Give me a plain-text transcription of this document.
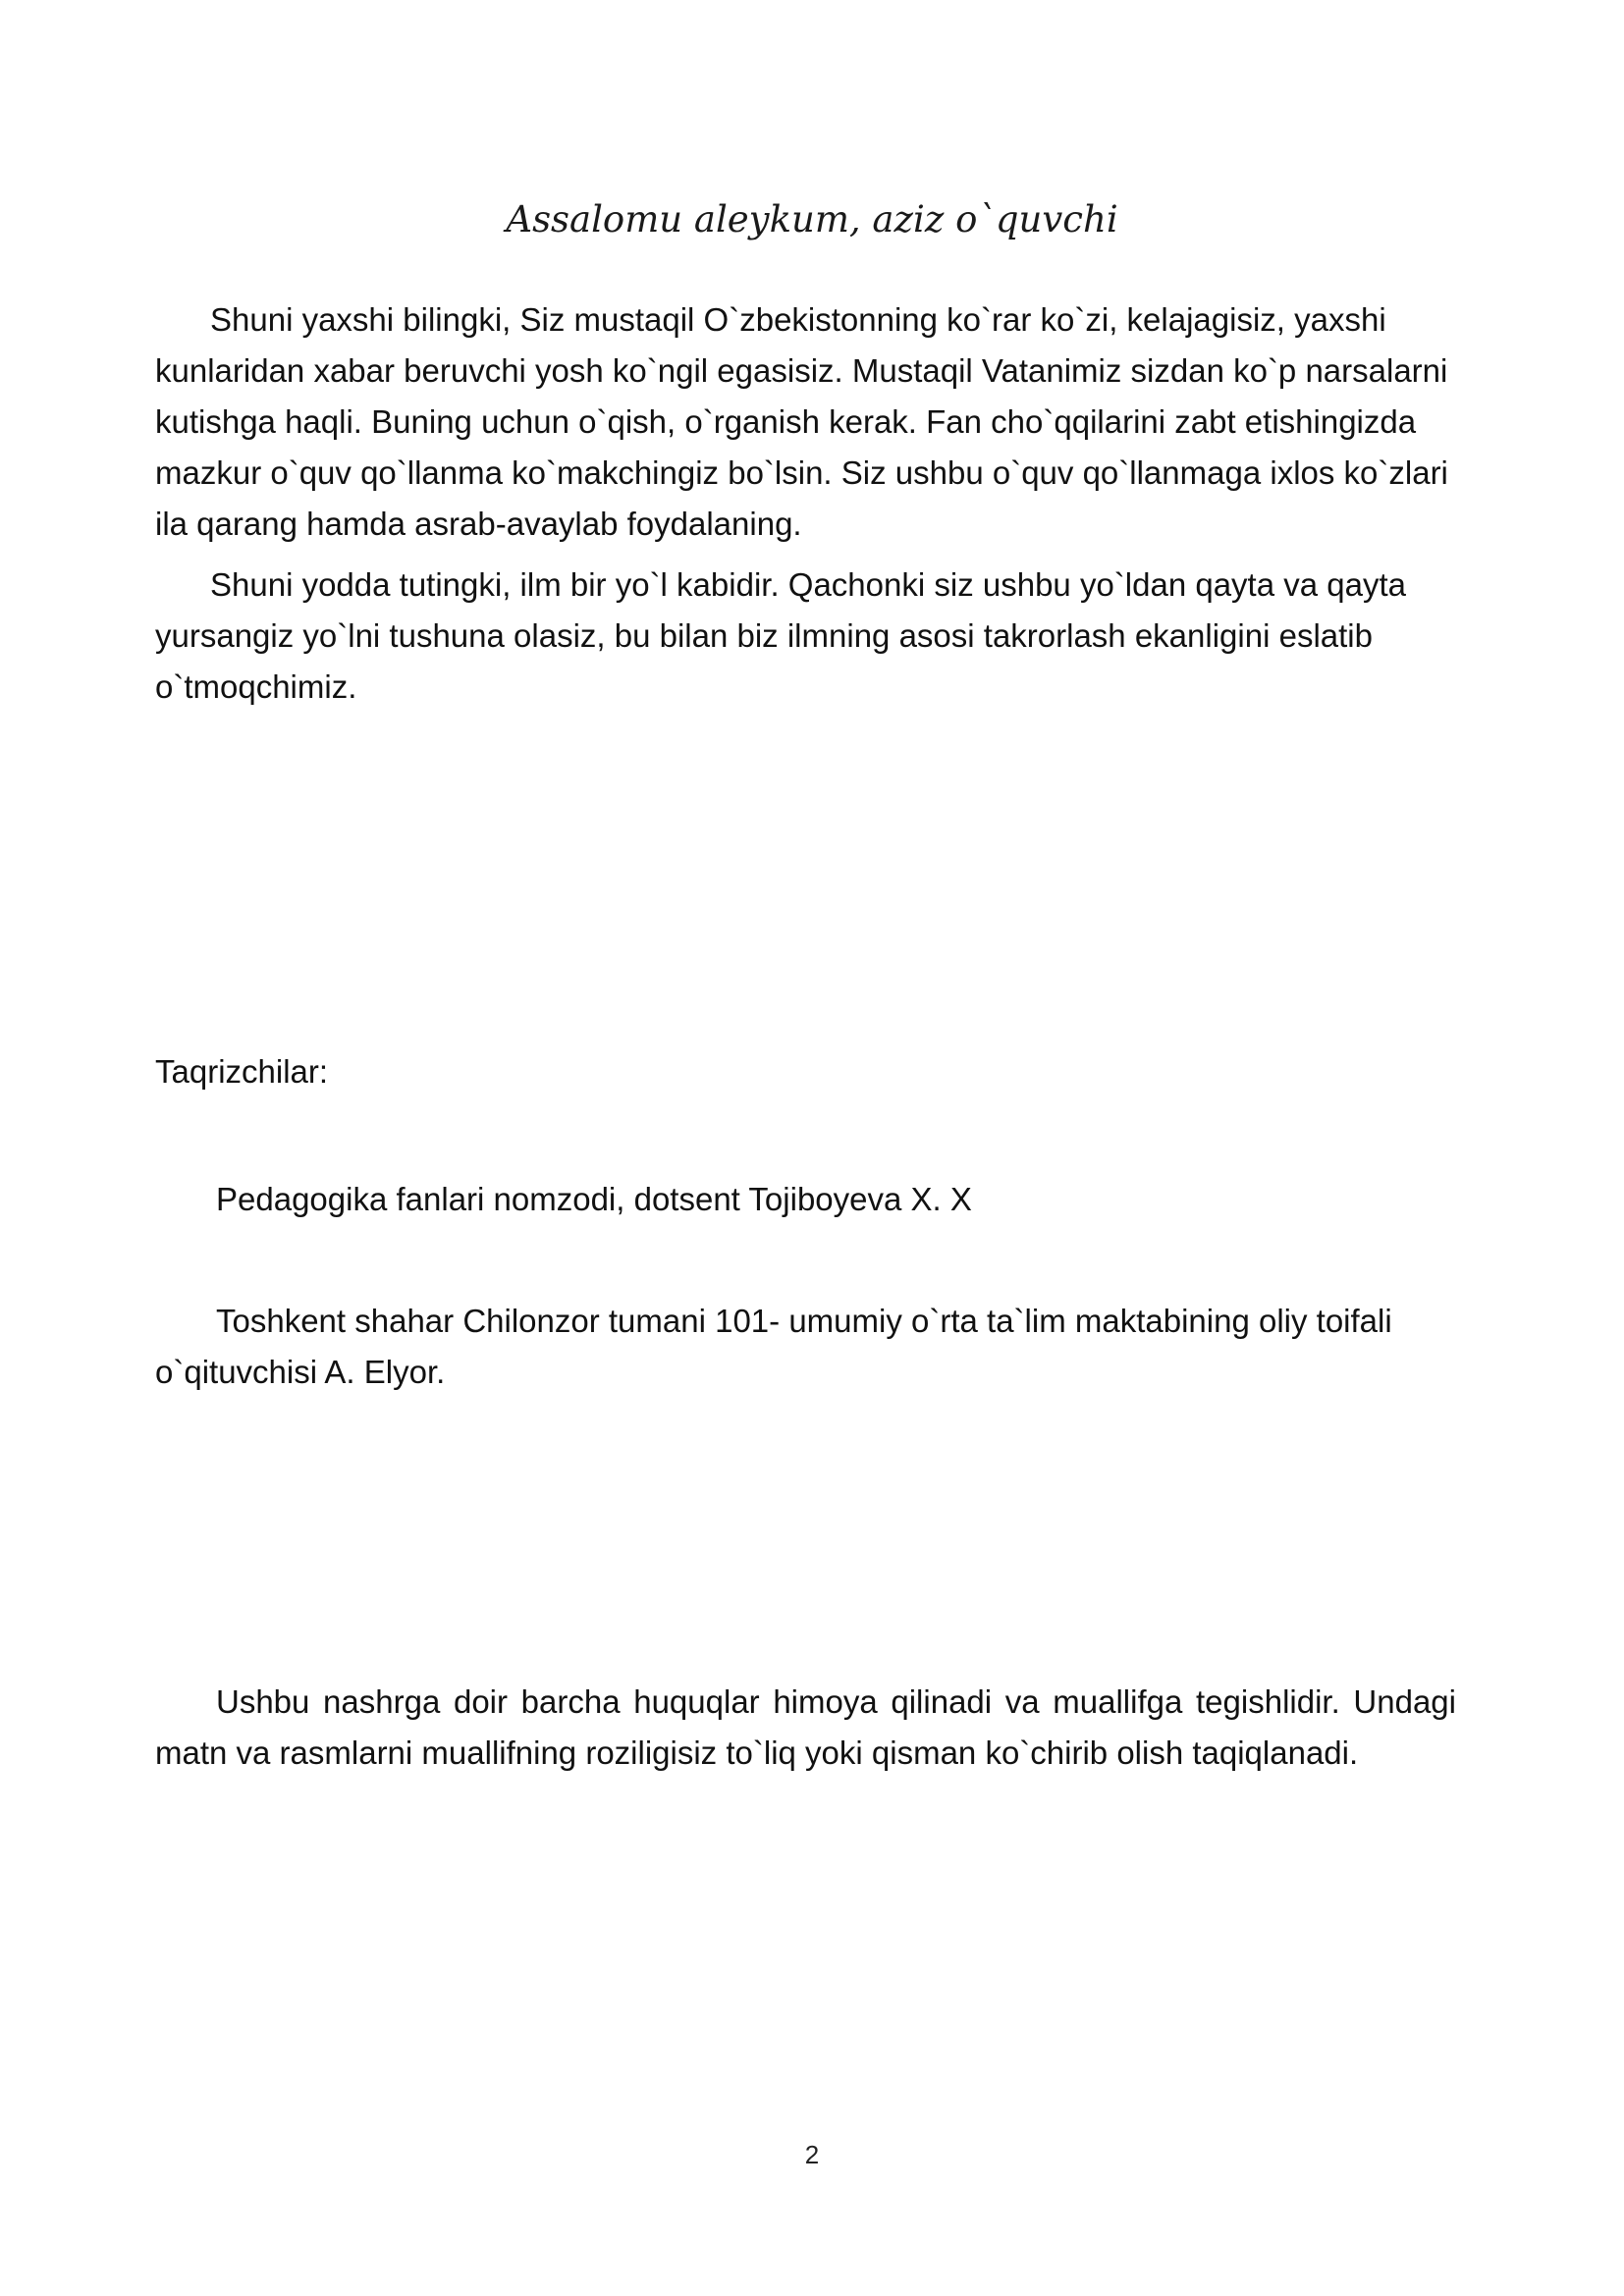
Assalomu aleykum, aziz o`quvchi

Shuni yaxshi bilingki, Siz mustaqil O`zbekistonning ko`rar ko`zi, kelajagisiz, yaxshi kunlaridan xabar beruvchi yosh ko`ngil egasisiz. Mustaqil Vatanimiz sizdan ko`p narsalarni kutishga haqli. Buning uchun o`qish, o`rganish kerak. Fan cho`qqilarini zabt etishingizda mazkur o`quv qo`llanma ko`makchingiz bo`lsin. Siz ushbu o`quv qo`llanmaga ixlos ko`zlari ila qarang hamda asrab-avaylab foydalaning.

Shuni yodda tutingki, ilm bir yo`l kabidir. Qachonki siz ushbu yo`ldan qayta va qayta yursangiz yo`lni tushuna olasiz, bu bilan biz ilmning asosi takrorlash ekanligini eslatib o`tmoqchimiz.

Taqrizchilar:

Pedagogika fanlari nomzodi, dotsent Tojiboyeva X. X

Toshkent shahar Chilonzor tumani 101- umumiy o`rta ta`lim maktabining oliy toifali o`qituvchisi A. Elyor.

Ushbu nashrga doir barcha huquqlar himoya qilinadi va muallifga tegishlidir. Undagi matn va rasmlarni muallifning roziligisiz to`liq yoki qisman ko`chirib olish taqiqlanadi.

2
